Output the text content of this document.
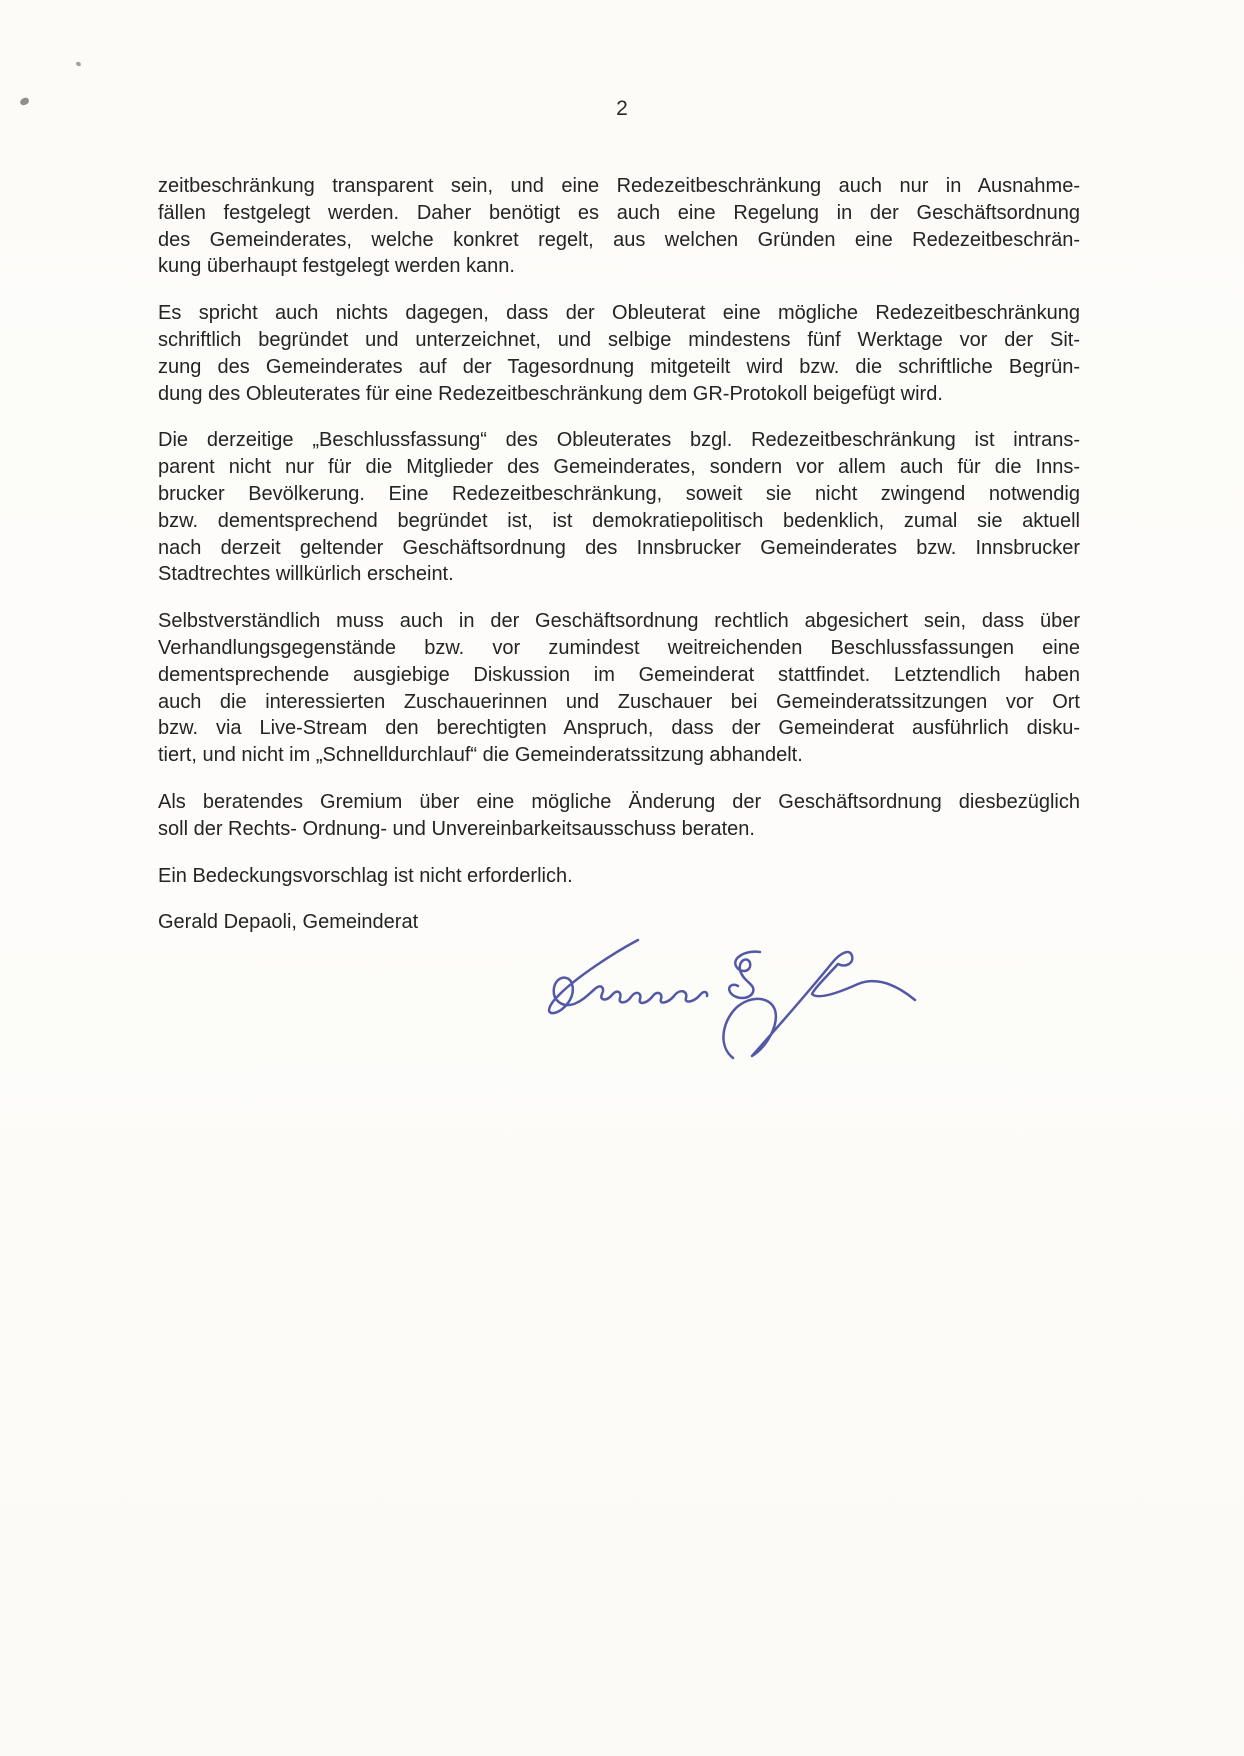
2
zeitbeschränkung transparent sein, und eine Redezeitbeschränkung auch nur in Ausnahme-
fällen festgelegt werden. Daher benötigt es auch eine Regelung in der Geschäftsordnung
des Gemeinderates, welche konkret regelt, aus welchen Gründen eine Redezeitbeschrän-
kung überhaupt festgelegt werden kann.
Es spricht auch nichts dagegen, dass der Obleuterat eine mögliche Redezeitbeschränkung
schriftlich begründet und unterzeichnet, und selbige mindestens fünf Werktage vor der Sit-
zung des Gemeinderates auf der Tagesordnung mitgeteilt wird bzw. die schriftliche Begrün-
dung des Obleuterates für eine Redezeitbeschränkung dem GR-Protokoll beigefügt wird.
Die derzeitige „Beschlussfassung“ des Obleuterates bzgl. Redezeitbeschränkung ist intrans-
parent nicht nur für die Mitglieder des Gemeinderates, sondern vor allem auch für die Inns-
brucker Bevölkerung. Eine Redezeitbeschränkung, soweit sie nicht zwingend notwendig
bzw. dementsprechend begründet ist, ist demokratiepolitisch bedenklich, zumal sie aktuell
nach derzeit geltender Geschäftsordnung des Innsbrucker Gemeinderates bzw. Innsbrucker
Stadtrechtes willkürlich erscheint.
Selbstverständlich muss auch in der Geschäftsordnung rechtlich abgesichert sein, dass über
Verhandlungsgegenstände bzw. vor zumindest weitreichenden Beschlussfassungen eine
dementsprechende ausgiebige Diskussion im Gemeinderat stattfindet. Letztendlich haben
auch die interessierten Zuschauerinnen und Zuschauer bei Gemeinderatssitzungen vor Ort
bzw. via Live-Stream den berechtigten Anspruch, dass der Gemeinderat ausführlich disku-
tiert, und nicht im „Schnelldurchlauf“ die Gemeinderatssitzung abhandelt.
Als beratendes Gremium über eine mögliche Änderung der Geschäftsordnung diesbezüglich
soll der Rechts- Ordnung- und Unvereinbarkeitsausschuss beraten.
Ein Bedeckungsvorschlag ist nicht erforderlich.
Gerald Depaoli, Gemeinderat
